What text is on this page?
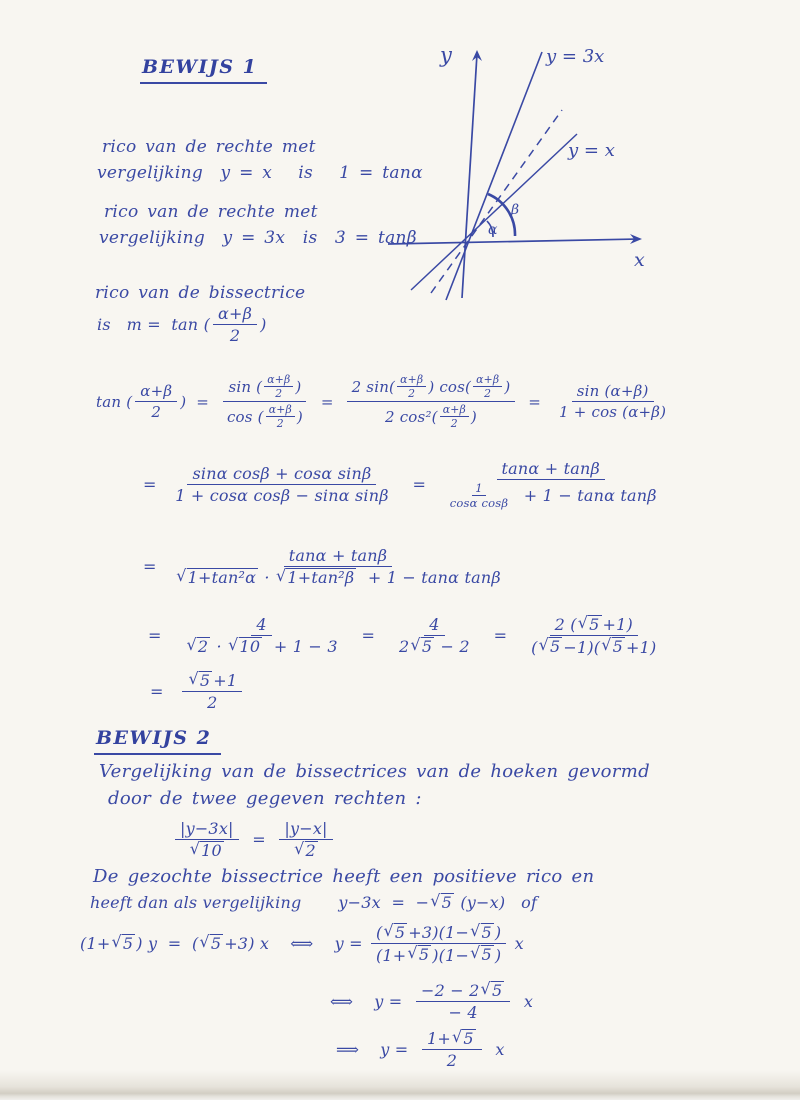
BEWIJS 1	y	y = 3x
y = x
x
α
β
rico van de rechte met
vergelijking  y = x   is   1 = tanα
rico van de rechte met
vergelijking  y = 3x  is  3 = tanβ
rico van de bissectrice
is   m =  tan ( $\frac{\alpha+\beta}{2}$ )
tan ( $\frac{\alpha+\beta}{2}$ )  = $\frac{\sin ( \frac{\alpha+\beta}{2} )}{\cos ( \frac{\alpha+\beta}{2} )} = \frac{2 \sin( \frac{\alpha+\beta}{2} ) \cos( \frac{\alpha+\beta}{2} )}{2 \cos^2( \frac{\alpha+\beta}{2} )} = \frac{\sin (\alpha+\beta)}{1 + \cos (\alpha+\beta)}$
= $\frac{\text{sinα cosβ + cosα sinβ}}{\text{1 + cosα cosβ − sinα sinβ}} = \frac{\tan\alpha + \tan\beta}{\frac{1}{\text{cosα cosβ}} + 1 - \tan\alpha \tan\beta}$
= $\frac{\tan\alpha + \tan\beta}{\text{√ 1+tan²α · √ 1+tan²β + 1 − tanα tanβ}}$
= $\frac{4}{√ 2 \cdot √ 10 + 1 - 3} = \frac{4}{2 √ 5 - 2} = \frac{2 ( √ 5 +1)}{( √ 5 -1)( √ 5 +1)}$
= $\frac{√ 5 +1}{2}$
BEWIJS 2
Vergelijking van de bissectrices van de hoeken gevormd
door de twee gegeven rechten :
$\frac{|y-3x|}{√ 10} = \frac{|y-x|}{√ 2}$
De gezochte bissectrice heeft een positieve rico en
heeft dan als vergelijking       y−3x  =  − √ 5 (y−x)   of
(1+ √ 5 ) y  =  ( √ 5 +3) x    ⟺    $y = \frac{( √ 5 +3)(1- √ 5 )}{(1+ √ 5 )(1- √ 5 )}$ x
⟺    $y = \frac{-2 - 2 √ 5}{- 4}$ x
⟹    $y = \frac{1+ √ 5}{2}$ x
